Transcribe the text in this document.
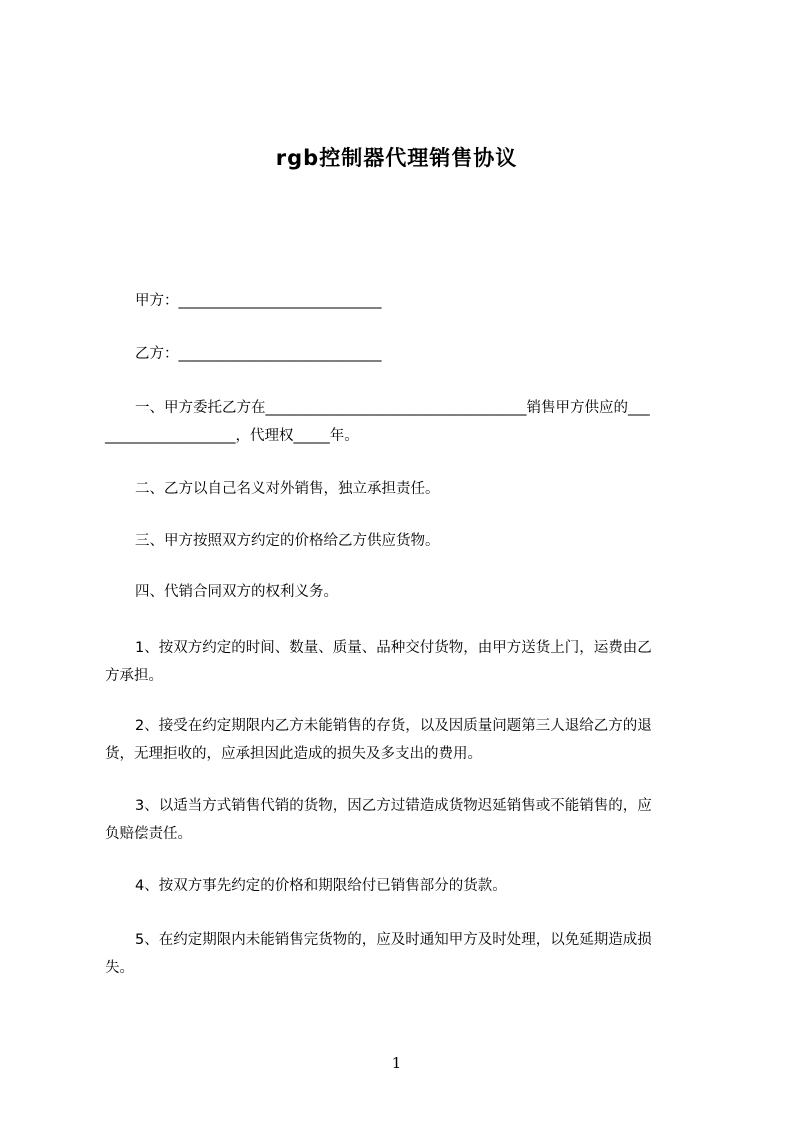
rgb控制器代理销售协议
甲方：____________________________
乙方：____________________________
一、甲方委托乙方在____________________________________销售甲方供应的___
__________________，代理权_____年。
二、乙方以自己名义对外销售，独立承担责任。
三、甲方按照双方约定的价格给乙方供应货物。
四、代销合同双方的权利义务。
1、按双方约定的时间、数量、质量、品种交付货物，由甲方送货上门，运费由乙
方承担。
2、接受在约定期限内乙方未能销售的存货，以及因质量问题第三人退给乙方的退
货，无理拒收的，应承担因此造成的损失及多支出的费用。
3、以适当方式销售代销的货物，因乙方过错造成货物迟延销售或不能销售的，应
负赔偿责任。
4、按双方事先约定的价格和期限给付已销售部分的货款。
5、在约定期限内未能销售完货物的，应及时通知甲方及时处理，以免延期造成损
失。
1
